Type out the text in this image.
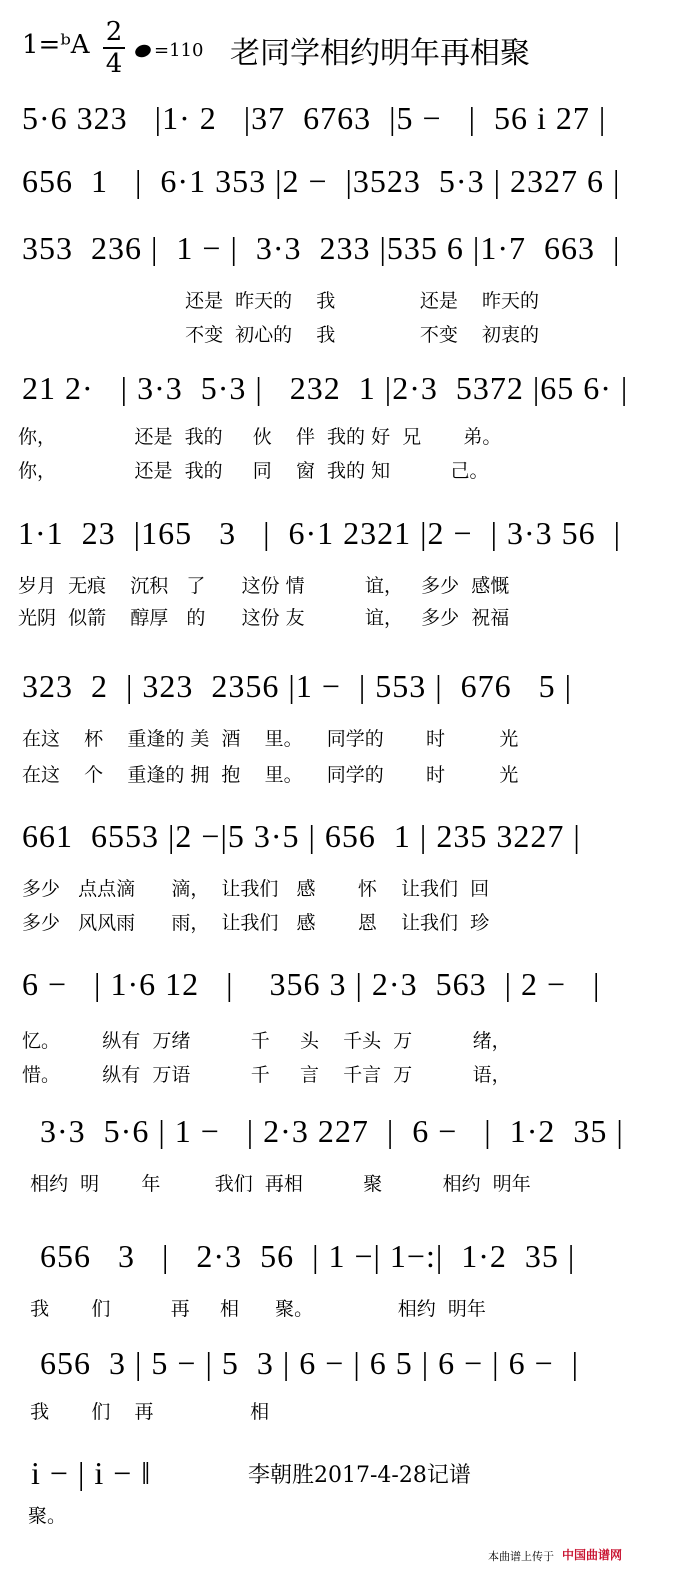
1=ᵇA 2
4	=110 老同学相约明年再相聚
5·6 323   |1· 2   |37  6763  |5 −   |  56 i 27 |
656  1   |  6·1 353 |2 −  |3523  5·3 | 2327 6 |
353  236 |  1 − |  3·3  233 |535 6 |1·7  663  |
还是  昨天的    我              还是    昨天的
不变  初心的    我              不变    初衷的
21 2·   | 3·3  5·3 |   232  1 |2·3  5372 |65 6· |
你，             还是  我的     伙    伴  我的 好  兄       弟。
你，             还是  我的     同    窗  我的 知          己。
1·1  23  |165   3   |  6·1 2321 |2 −  | 3·3 56  |
岁月  无痕    沉积   了      这份 情          谊，   多少  感慨
光阴  似箭    醇厚   的      这份 友          谊，   多少  祝福
323  2  | 323  2356 |1 −  | 553 |  676   5 |
在这    杯    重逢的 美  酒    里。    同学的       时         光
在这    个    重逢的 拥  抱    里。    同学的       时         光
661  6553 |2 −|5 3·5 | 656  1 | 235 3227 |
多少   点点滴      滴，  让我们   感       怀    让我们  回
多少   风风雨      雨，  让我们   感       恩    让我们  珍
6 −   | 1·6 12   |    356 3 | 2·3  563  | 2 −   |
忆。       纵有  万绪          千     头    千头  万          绪，
惜。       纵有  万语          千     言    千言  万          语，
3·3  5·6 | 1 −   | 2·3 227  |  6 −   |  1·2  35 |
相约  明       年         我们  再相          聚          相约  明年
656   3   |   2·3  56  | 1 −| 1−:|  1·2  35 |
我       们          再     相      聚。              相约  明年
656  3 | 5 − | 5  3 | 6 − | 6 5 | 6 − | 6 −  |
我       们    再                相
i − | i − ‖
聚。
李朝胜2017-4-28记谱
本曲谱上传于 中国曲谱网
